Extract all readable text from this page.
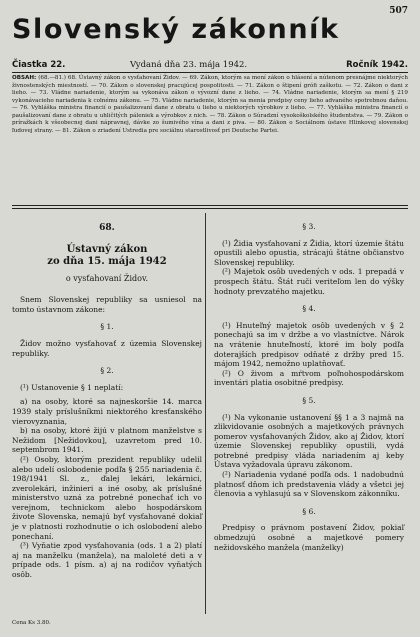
507
Slovenský zákonník
Čiastka 22.	Vydaná dňa 23. mája 1942.	Ročník 1942.

OBSAH: (68.—81.) 68. Ústavný zákon o vysťahovaní Židov. — 69. Zákon, ktorým sa mení zákon o hlásení a nútenom presnájme niektorých živnostenských miestností. — 70. Zákon o slovenskej pracujúcej pospolitosti. — 71. Zákon o štipení grófi zaškotu. — 72. Zákon o dani z lieho. — 73. Vládne nariadenie, ktorým sa vykonáva zákon o vývozní dane z lieho. — 74. Vládne nariadenie, ktorým sa mení § 219 vykonávacieho nariadenia k colnému zákonu. — 75. Vládne nariadenie, ktorým sa menia predpisy ceny lieho advaného spotrebnou daňou. — 76. Vyhláška ministra financií o paušalizovaní dane z obratu u lieho u niektorých výrobkov z lieho. — 77. Vyhláška ministra financií o paušalizovaní dane z obratu u uhličitých páleniek a výrobkov z nich. — 78. Zákon o Súradzní vysokoškolského študentstva. — 79. Zákon o príražkách k všeobecnej dani nápravnej, dávke zo šumivého vína a dani z piva. — 80. Zákon o Sociálnom ústave Hlinkovej slovenskej ľudovej strany. — 81. Zákon o zriadení Ustredia pre sociálnu starostlivosť pri Deutsche Partei.

68.
Ústavný zákon
zo dňa 15. mája 1942
o vysťahovaní Židov.

Snem Slovenskej republiky sa usniesol na tomto ústavnom zákone:

§ 1.

Židov možno vysťahovať z územia Slovenskej republiky.

§ 2.

(¹) Ustanovenie § 1 neplatí:

a) na osoby, ktoré sa najneskoršie 14. marca 1939 staly príslušníkmi niektorého kresťanského vierovyznania,

b) na osoby, ktoré žijú v platnom manželstve s Nežidom [Nežidovkou], uzavretom pred 10. septembrom 1941.

(²) Osoby, ktorým prezident republiky udelil alebo udelí oslobodenie podľa § 255 nariadenia č. 198/1941 Sl. z., ďalej lekári, lekárnici, zverolekári, inžinieri a iné osoby, ak príslušné ministerstvo uzná za potrebné ponechať ich vo verejnom, technickom alebo hospodárskom živote Slovenska, nemajú byť vysťahované dokiaľ je v platnosti rozhodnutie o ich oslobodení alebo ponechaní.

(³) Vyňatie zpod vysťahovania (ods. 1 a 2) platí aj na manželku (manžela), na maloleté deti a v prípade ods. 1 písm. a) aj na rodičov vyňatých osôb.

§ 3.

(¹) Židia vysťahovaní z Židia, ktorí územie štátu opustili alebo opustia, strácajú štátne občianstvo Slovenskej republiky.

(²) Majetok osôb uvedených v ods. 1 prepadá v prospech štátu. Štát ruči veriteľom len do výšky hodnoty prevzatého majetku.

§ 4.

(¹) Hnuteľný majetok osôb uvedených v § 2 ponechajú sa im v držbe a vo vlastníctve. Nárok na vrátenie hnuteľností, ktoré im boly podľa doterajších predpisov odňaté z držby pred 15. májom 1942, nemožno uplatňovať.

(²) O živom a mŕtvom poľnohospodárskom inventári platia osobitné predpisy.

§ 5.

(¹) Na vykonanie ustanovení §§ 1 a 3 najmä na zlikvidovanie osobných a majetkových právnych pomerov vysťahovaných Židov, ako aj Židov, ktorí územie Slovenskej republiky opustili, vydá potrebné predpisy vláda nariadením aj keby Ústava vyžadovala úpravu zákonom.

(²) Nariadenia vydané podľa ods. 1 nadobudnú platnosť dňom ich predstavenia vlády a všetci jej členovia a vyhlasujú sa v Slovenskom zákonníku.

§ 6.

Predpisy o právnom postavení Židov, pokiaľ obmedzujú osobné a majetkové pomery nežidovského manžela (manželky)

Cena Ks 3.80.
